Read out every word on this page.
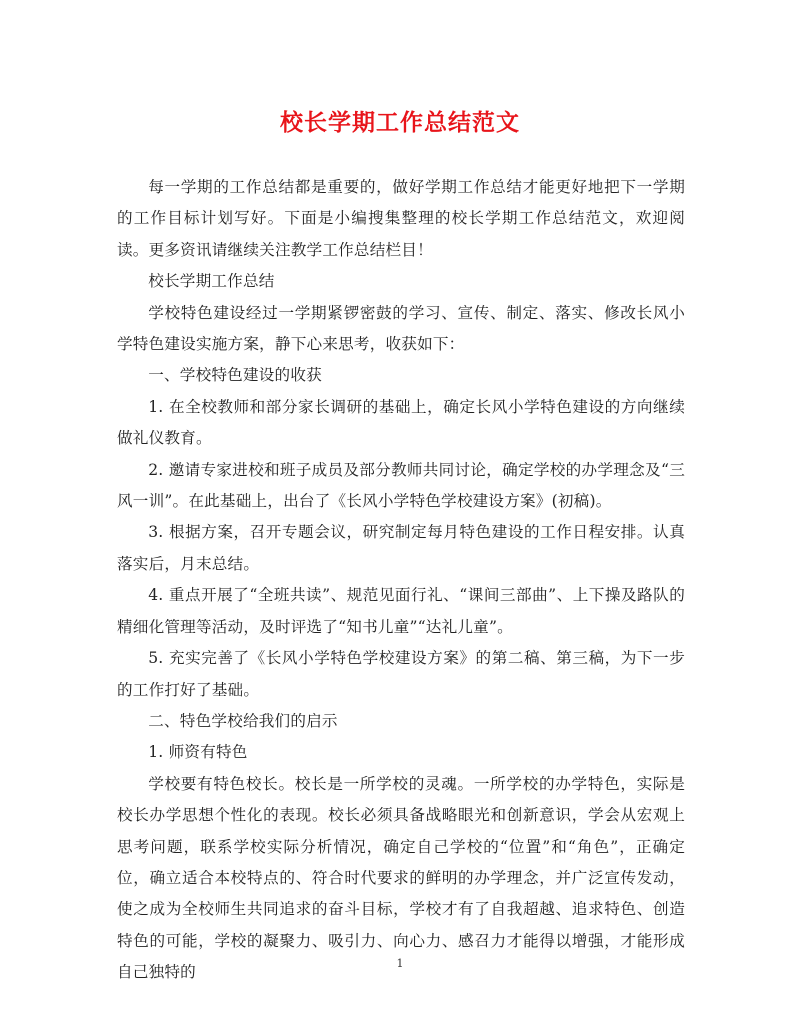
校长学期工作总结范文

每一学期的工作总结都是重要的，做好学期工作总结才能更好地把下一学期的工作目标计划写好。下面是小编搜集整理的校长学期工作总结范文，欢迎阅读。更多资讯请继续关注教学工作总结栏目！

校长学期工作总结

学校特色建设经过一学期紧锣密鼓的学习、宣传、制定、落实、修改长风小学特色建设实施方案，静下心来思考，收获如下：

一、学校特色建设的收获

1. 在全校教师和部分家长调研的基础上，确定长风小学特色建设的方向继续做礼仪教育。

2. 邀请专家进校和班子成员及部分教师共同讨论，确定学校的办学理念及“三风一训”。在此基础上，出台了《长风小学特色学校建设方案》(初稿)。

3. 根据方案，召开专题会议，研究制定每月特色建设的工作日程安排。认真落实后，月末总结。

4. 重点开展了“全班共读”、规范见面行礼、“课间三部曲”、上下操及路队的精细化管理等活动，及时评选了“知书儿童”“达礼儿童”。

5. 充实完善了《长风小学特色学校建设方案》的第二稿、第三稿，为下一步的工作打好了基础。

二、特色学校给我们的启示

1. 师资有特色

学校要有特色校长。校长是一所学校的灵魂。一所学校的办学特色，实际是校长办学思想个性化的表现。校长必须具备战略眼光和创新意识，学会从宏观上思考问题，联系学校实际分析情况，确定自己学校的“位置”和“角色”，正确定位，确立适合本校特点的、符合时代要求的鲜明的办学理念，并广泛宣传发动，使之成为全校师生共同追求的奋斗目标，学校才有了自我超越、追求特色、创造特色的可能，学校的凝聚力、吸引力、向心力、感召力才能得以增强，才能形成自己独特的	1
